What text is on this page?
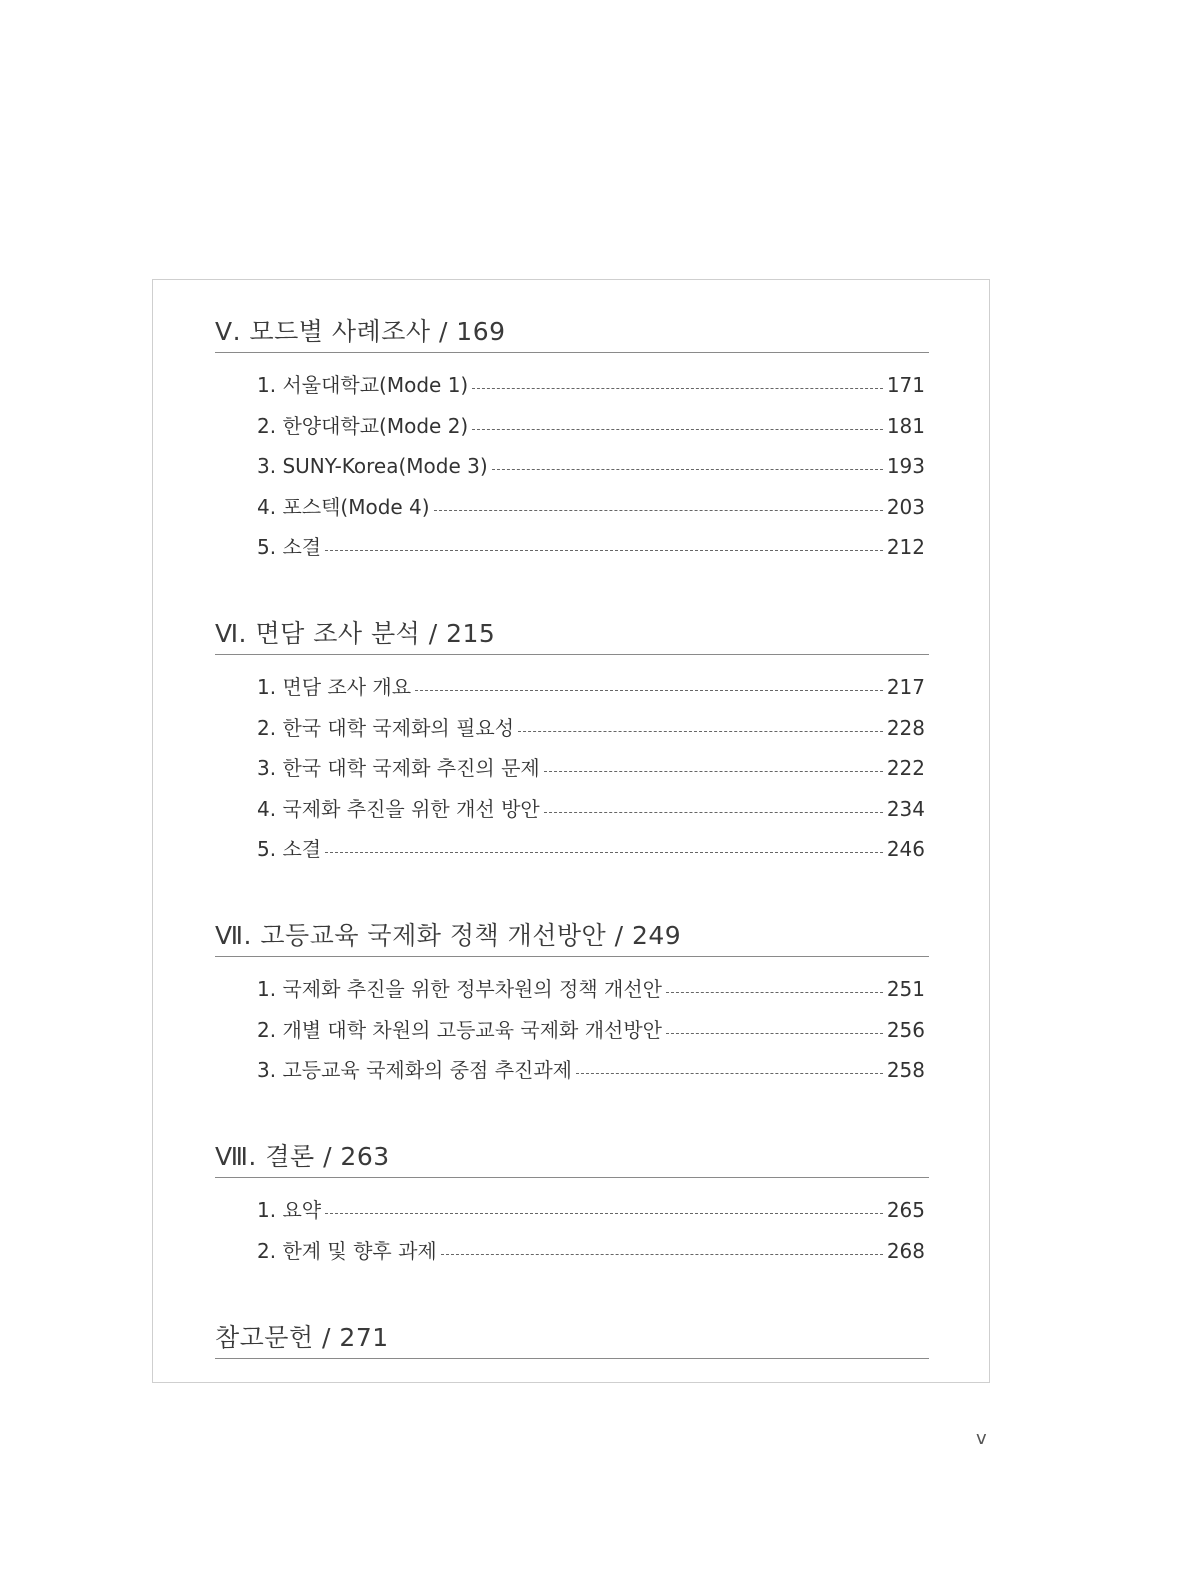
Ⅴ. 모드별 사례조사 / 169
1. 서울대학교(Mode 1)	171
2. 한양대학교(Mode 2)	181
3. SUNY-Korea(Mode 3)	193
4. 포스텍(Mode 4)	203
5. 소결	212
Ⅵ. 면담 조사 분석 / 215
1. 면담 조사 개요	217
2. 한국 대학 국제화의 필요성	228
3. 한국 대학 국제화 추진의 문제	222
4. 국제화 추진을 위한 개선 방안	234
5. 소결	246
Ⅶ. 고등교육 국제화 정책 개선방안 / 249
1. 국제화 추진을 위한 정부차원의 정책 개선안	251
2. 개별 대학 차원의 고등교육 국제화 개선방안	256
3. 고등교육 국제화의 중점 추진과제	258
Ⅷ. 결론 / 263
1. 요약	265
2. 한계 및 향후 과제	268
참고문헌 / 271
v
